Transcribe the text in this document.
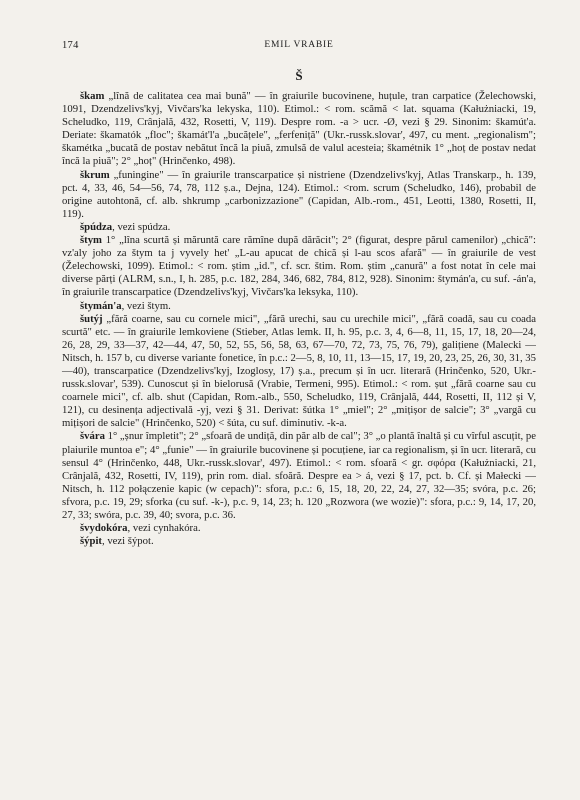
174	EMIL VRABIE
Š

škam „lînă de calitatea cea mai bună" — în graiurile bucovinene, huțule, tran carpatice (Želechowski, 1091, Dzendzelivs'kyj, Vivčars'ka lekyska, 110). Etimol.: < rom. scămă < lat. squama (Kałużniacki, 19, Scheludko, 119, Crânjală, 432, Rosetti, V, 119). Despre rom. -a > ucr. -Ø, vezi § 29. Sinonim: škamút'a. Deriate: škamatók „floc"; škamát'l'a „bucățele", „ferfeniță" (Ukr.-russk.slovar', 497, cu ment. „regionalism"; škamétka „bucată de postav nebătut încă la piuă, zmulsă de valul acesteia; škamétnik 1° „hoț de postav nedat încă la piuă"; 2° „hoț" (Hrinčenko, 498).

škrum „funingine" — în graiurile transcarpatice și nistriene (Dzendzelivs'kyj, Atlas Transkarp., h. 139, pct. 4, 33, 46, 54—56, 74, 78, 112 ș.a., Dejna, 124). Etimol.: <rom. scrum (Scheludko, 146), probabil de origine autohtonă, cf. alb. shkrump „carbonizzazione" (Capidan, Alb.-rom., 451, Leotti, 1380, Rosetti, II, 119).

špúdza, vezi spúdza.

štym 1° „lîna scurtă și măruntă care rămîne după dărăcit"; 2° (figurat, despre părul camenilor) „chică": vz'aly joho za štym ta j vyvely het' „L-au apucat de chică și l-au scos afară" — în graiurile de vest (Želechowski, 1099). Etimol.: < rom. știm „id.", cf. scr. štim. Rom. știm „canură" a fost notat în cele mai diverse părți (ALRM, s.n., I, h. 285, p.c. 182, 284, 346, 682, 784, 812, 928). Sinonim: štymán'a, cu suf. -án'a, în graiurile transcarpatice (Dzendzelivs'kyj, Vivčars'ka leksyka, 110).

štymán'a, vezi štym.

šutýj „fără coarne, sau cu cornele mici", „fără urechi, sau cu urechile mici", „fără coadă, sau cu coada scurtă" etc. — în graiurile lemkoviene (Stieber, Atlas lemk. II, h. 95, p.c. 3, 4, 6—8, 11, 15, 17, 18, 20—24, 26, 28, 29, 33—37, 42—44, 47, 50, 52, 55, 56, 58, 63, 67—70, 72, 73, 75, 76, 79), galițiene (Malecki — Nitsch, h. 157 b, cu diverse variante fonetice, în p.c.: 2—5, 8, 10, 11, 13—15, 17, 19, 20, 23, 25, 26, 30, 31, 35—40), transcarpatice (Dzendzelivs'kyj, Izoglosy, 17) ș.a., precum și în ucr. literară (Hrinčenko, 520, Ukr.-russk.slovar', 539). Cunoscut și în bielorusă (Vrabie, Termeni, 995). Etimol.: < rom. șut „fără coarne sau cu coarnele mici", cf. alb. shut (Capidan, Rom.-alb., 550, Scheludko, 119, Crânjală, 444, Rosetti, II, 112 și V, 121), cu desinența adjectivală -yj, vezi § 31. Derivat: šútka 1° „miel"; 2° „mițișor de salcie"; 3° „vargă cu mițișori de salcie" (Hrinčenko, 520) < šúta, cu suf. diminutiv. -k-a.

švára 1° „șnur împletit"; 2° „sfoară de undiță, din păr alb de cal"; 3° „o plantă înaltă și cu vîrful ascuțit, pe plaiurile muntoa e"; 4° „funie" — în graiurile bucovinene și pocuțiene, iar ca regionalism, și în ucr. literară, cu sensul 4° (Hrinčenko, 448, Ukr.-russk.slovar', 497). Etimol.: < rom. sfoară < gr. σφόρα (Kałużniacki, 21, Crânjală, 432, Rosetti, IV, 119), prin rom. dial. sfoără. Despre ea > á, vezi § 17, pct. b. Cf. și Małecki — Nitsch, h. 112 połączenie kapic (w cepach)": sfora, p.c.: 6, 15, 18, 20, 22, 24, 27, 32—35; svóra, p.c. 26; sfvora, p.c. 19, 29; sforka (cu suf. -k-), p.c. 9, 14, 23; h. 120 „Rozwora (we wozie)": sfora, p.c.: 9, 14, 17, 20, 27, 33; swóra, p.c. 39, 40; svora, p.c. 36.

švydokóra, vezi cynhakóra.

šýpit, vezi šýpot.
